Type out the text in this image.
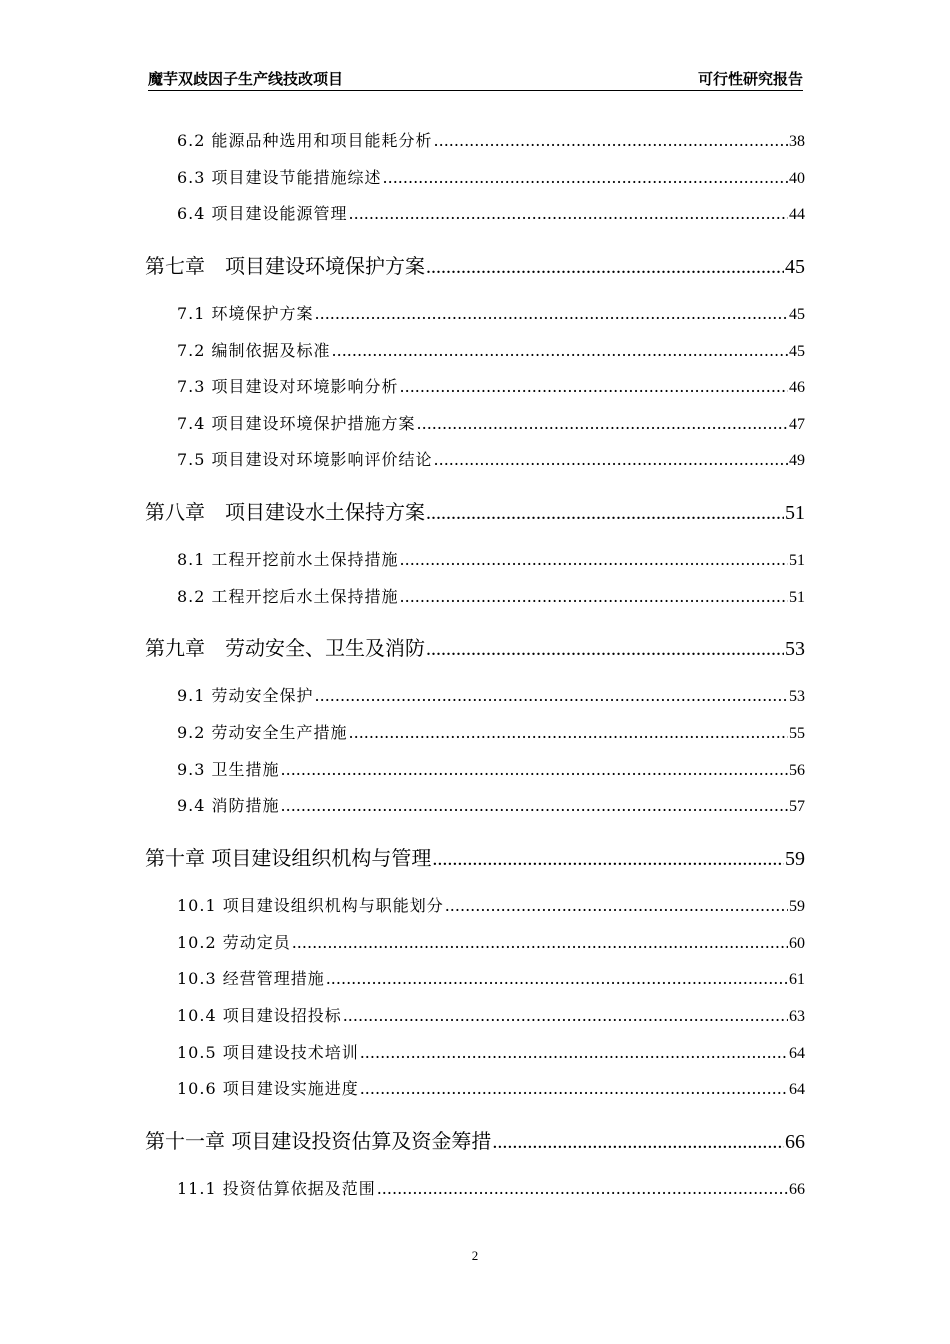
魔芋双歧因子生产线技改项目	可行性研究报告
6.2 能源品种选用和项目能耗分析 .....	38
6.3 项目建设节能措施综述 .....	40
6.4 项目建设能源管理 .....	44
第七章　项目建设环境保护方案 .....	45
7.1 环境保护方案 .....	45
7.2 编制依据及标准 .....	45
7.3 项目建设对环境影响分析 .....	46
7.4 项目建设环境保护措施方案 .....	47
7.5 项目建设对环境影响评价结论 .....	49
第八章　项目建设水土保持方案 .....	51
8.1 工程开挖前水土保持措施 .....	51
8.2 工程开挖后水土保持措施 .....	51
第九章　劳动安全、卫生及消防 .....	53
9.1 劳动安全保护 .....	53
9.2 劳动安全生产措施 .....	55
9.3 卫生措施 .....	56
9.4 消防措施 .....	57
第十章 项目建设组织机构与管理 .....	59
10.1 项目建设组织机构与职能划分 .....	59
10.2 劳动定员 .....	60
10.3 经营管理措施 .....	61
10.4 项目建设招投标 .....	63
10.5 项目建设技术培训 .....	64
10.6 项目建设实施进度 .....	64
第十一章 项目建设投资估算及资金筹措 .....	66
11.1 投资估算依据及范围 .....	66
2
